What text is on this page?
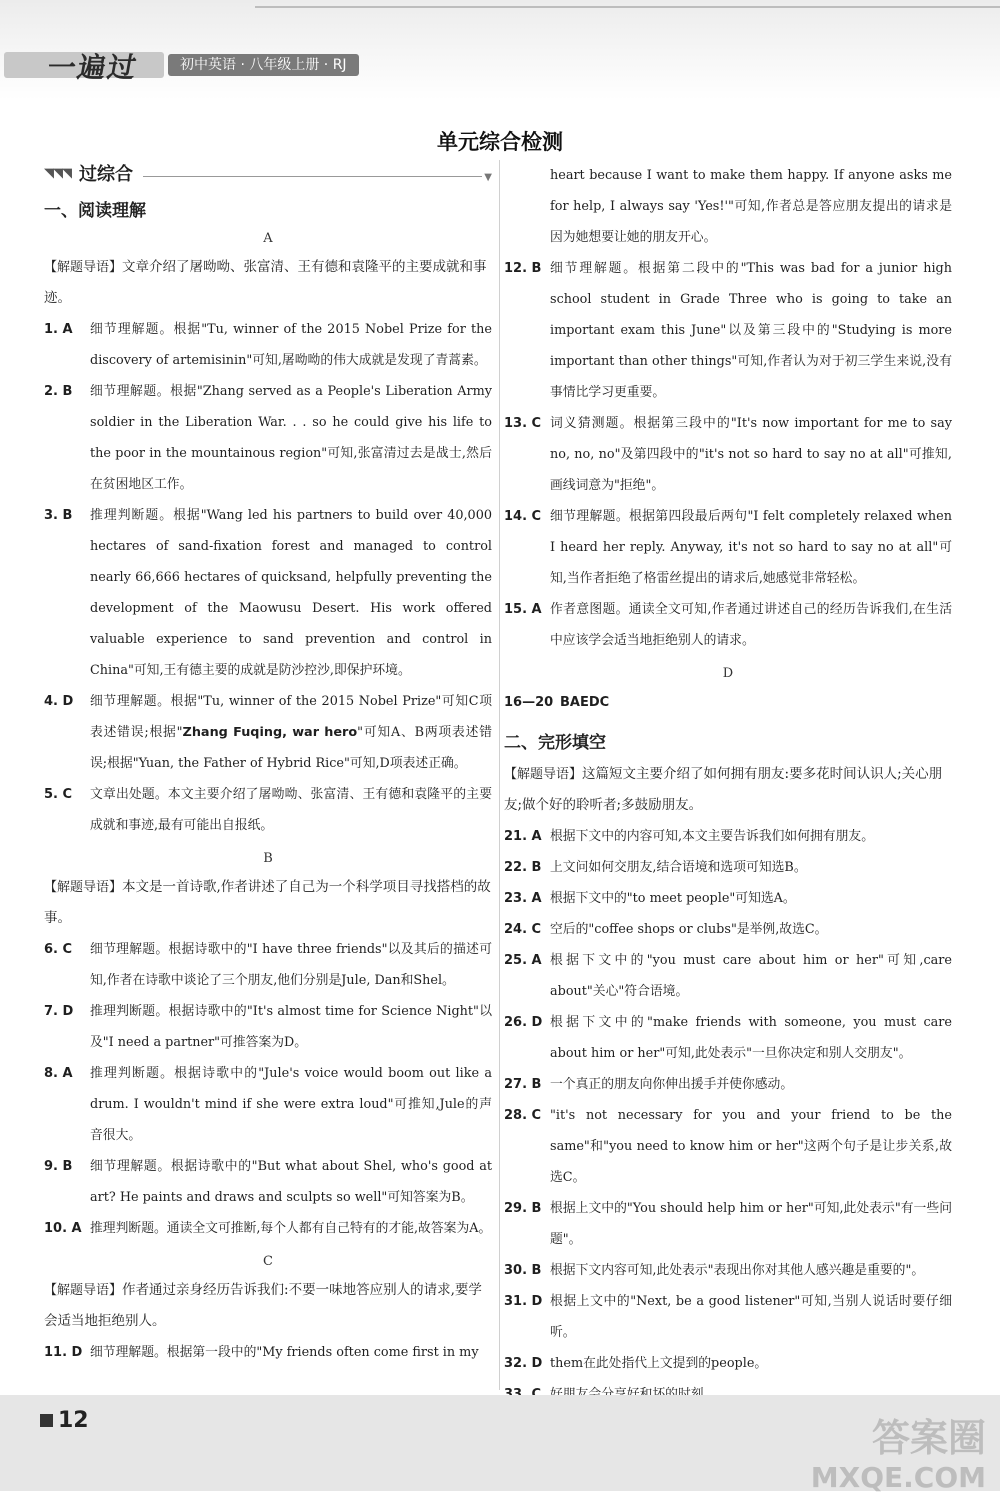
一遍过	初中英语 · 八年级上册 · RJ
单元综合检测
◥◥◥ 过综合	▼
一、阅读理解
A

【解题导语】文章介绍了屠呦呦、张富清、王有德和袁隆平的主要成就和事迹。

1. A	细节理解题。根据"Tu, winner of the 2015 Nobel Prize for the discovery of artemisinin"可知,屠呦呦的伟大成就是发现了青蒿素。
2. B	细节理解题。根据"Zhang served as a People's Liberation Army soldier in the Liberation War. . . so he could give his life to the poor in the mountainous region"可知,张富清过去是战士,然后在贫困地区工作。
3. B	推理判断题。根据"Wang led his partners to build over 40,000 hectares of sand-fixation forest and managed to control nearly 66,666 hectares of quicksand, helpfully preventing the development of the Maowusu Desert. His work offered valuable experience to sand prevention and control in China"可知,王有德主要的成就是防沙控沙,即保护环境。
4. D	细节理解题。根据"Tu, winner of the 2015 Nobel Prize"可知C项表述错误;根据"Zhang Fuqing, war hero"可知A、B两项表述错误;根据"Yuan, the Father of Hybrid Rice"可知,D项表述正确。
5. C	文章出处题。本文主要介绍了屠呦呦、张富清、王有德和袁隆平的主要成就和事迹,最有可能出自报纸。
B

【解题导语】本文是一首诗歌,作者讲述了自己为一个科学项目寻找搭档的故事。

6. C	细节理解题。根据诗歌中的"I have three friends"以及其后的描述可知,作者在诗歌中谈论了三个朋友,他们分别是Jule, Dan和Shel。
7. D	推理判断题。根据诗歌中的"It's almost time for Science Night"以及"I need a partner"可推答案为D。
8. A	推理判断题。根据诗歌中的"Jule's voice would boom out like a drum. I wouldn't mind if she were extra loud"可推知,Jule的声音很大。
9. B	细节理解题。根据诗歌中的"But what about Shel, who's good at art? He paints and draws and sculpts so well"可知答案为B。
10. A 推理判断题。通读全文可推断,每个人都有自己特有的才能,故答案为A。
C

【解题导语】作者通过亲身经历告诉我们:不要一味地答应别人的请求,要学会适当地拒绝别人。

11. D 细节理解题。根据第一段中的"My friends often come first in my
heart because I want to make them happy. If anyone asks me for help, I always say 'Yes!'"可知,作者总是答应朋友提出的请求是因为她想要让她的朋友开心。
12. B 细节理解题。根据第二段中的"This was bad for a junior high school student in Grade Three who is going to take an important exam this June"以及第三段中的"Studying is more important than other things"可知,作者认为对于初三学生来说,没有事情比学习更重要。
13. C 词义猜测题。根据第三段中的"It's now important for me to say no, no, no"及第四段中的"it's not so hard to say no at all"可推知,画线词意为"拒绝"。
14. C 细节理解题。根据第四段最后两句"I felt completely relaxed when I heard her reply. Anyway, it's not so hard to say no at all"可知,当作者拒绝了格雷丝提出的请求后,她感觉非常轻松。
15. A 作者意图题。通读全文可知,作者通过讲述自己的经历告诉我们,在生活中应该学会适当地拒绝别人的请求。
D
16—20 BAEDC
二、完形填空

【解题导语】这篇短文主要介绍了如何拥有朋友:要多花时间认识人;关心朋友;做个好的聆听者;多鼓励朋友。

21. A 根据下文中的内容可知,本文主要告诉我们如何拥有朋友。
22. B 上文问如何交朋友,结合语境和选项可知选B。
23. A 根据下文中的"to meet people"可知选A。
24. C 空后的"coffee shops or clubs"是举例,故选C。
25. A 根据下文中的"you must care about him or her"可知,care about"关心"符合语境。
26. D 根据下文中的"make friends with someone, you must care about him or her"可知,此处表示"一旦你决定和别人交朋友"。
27. B 一个真正的朋友向你伸出援手并使你感动。
28. C "it's not necessary for you and your friend to be the same"和"you need to know him or her"这两个句子是让步关系,故选C。
29. B 根据上文中的"You should help him or her"可知,此处表示"有一些问题"。
30. B 根据下文内容可知,此处表示"表现出你对其他人感兴趣是重要的"。
31. D 根据上文中的"Next, be a good listener"可知,当别人说话时要仔细听。
32. D them在此处指代上文提到的people。
12	答案圈
MXQE.COM
